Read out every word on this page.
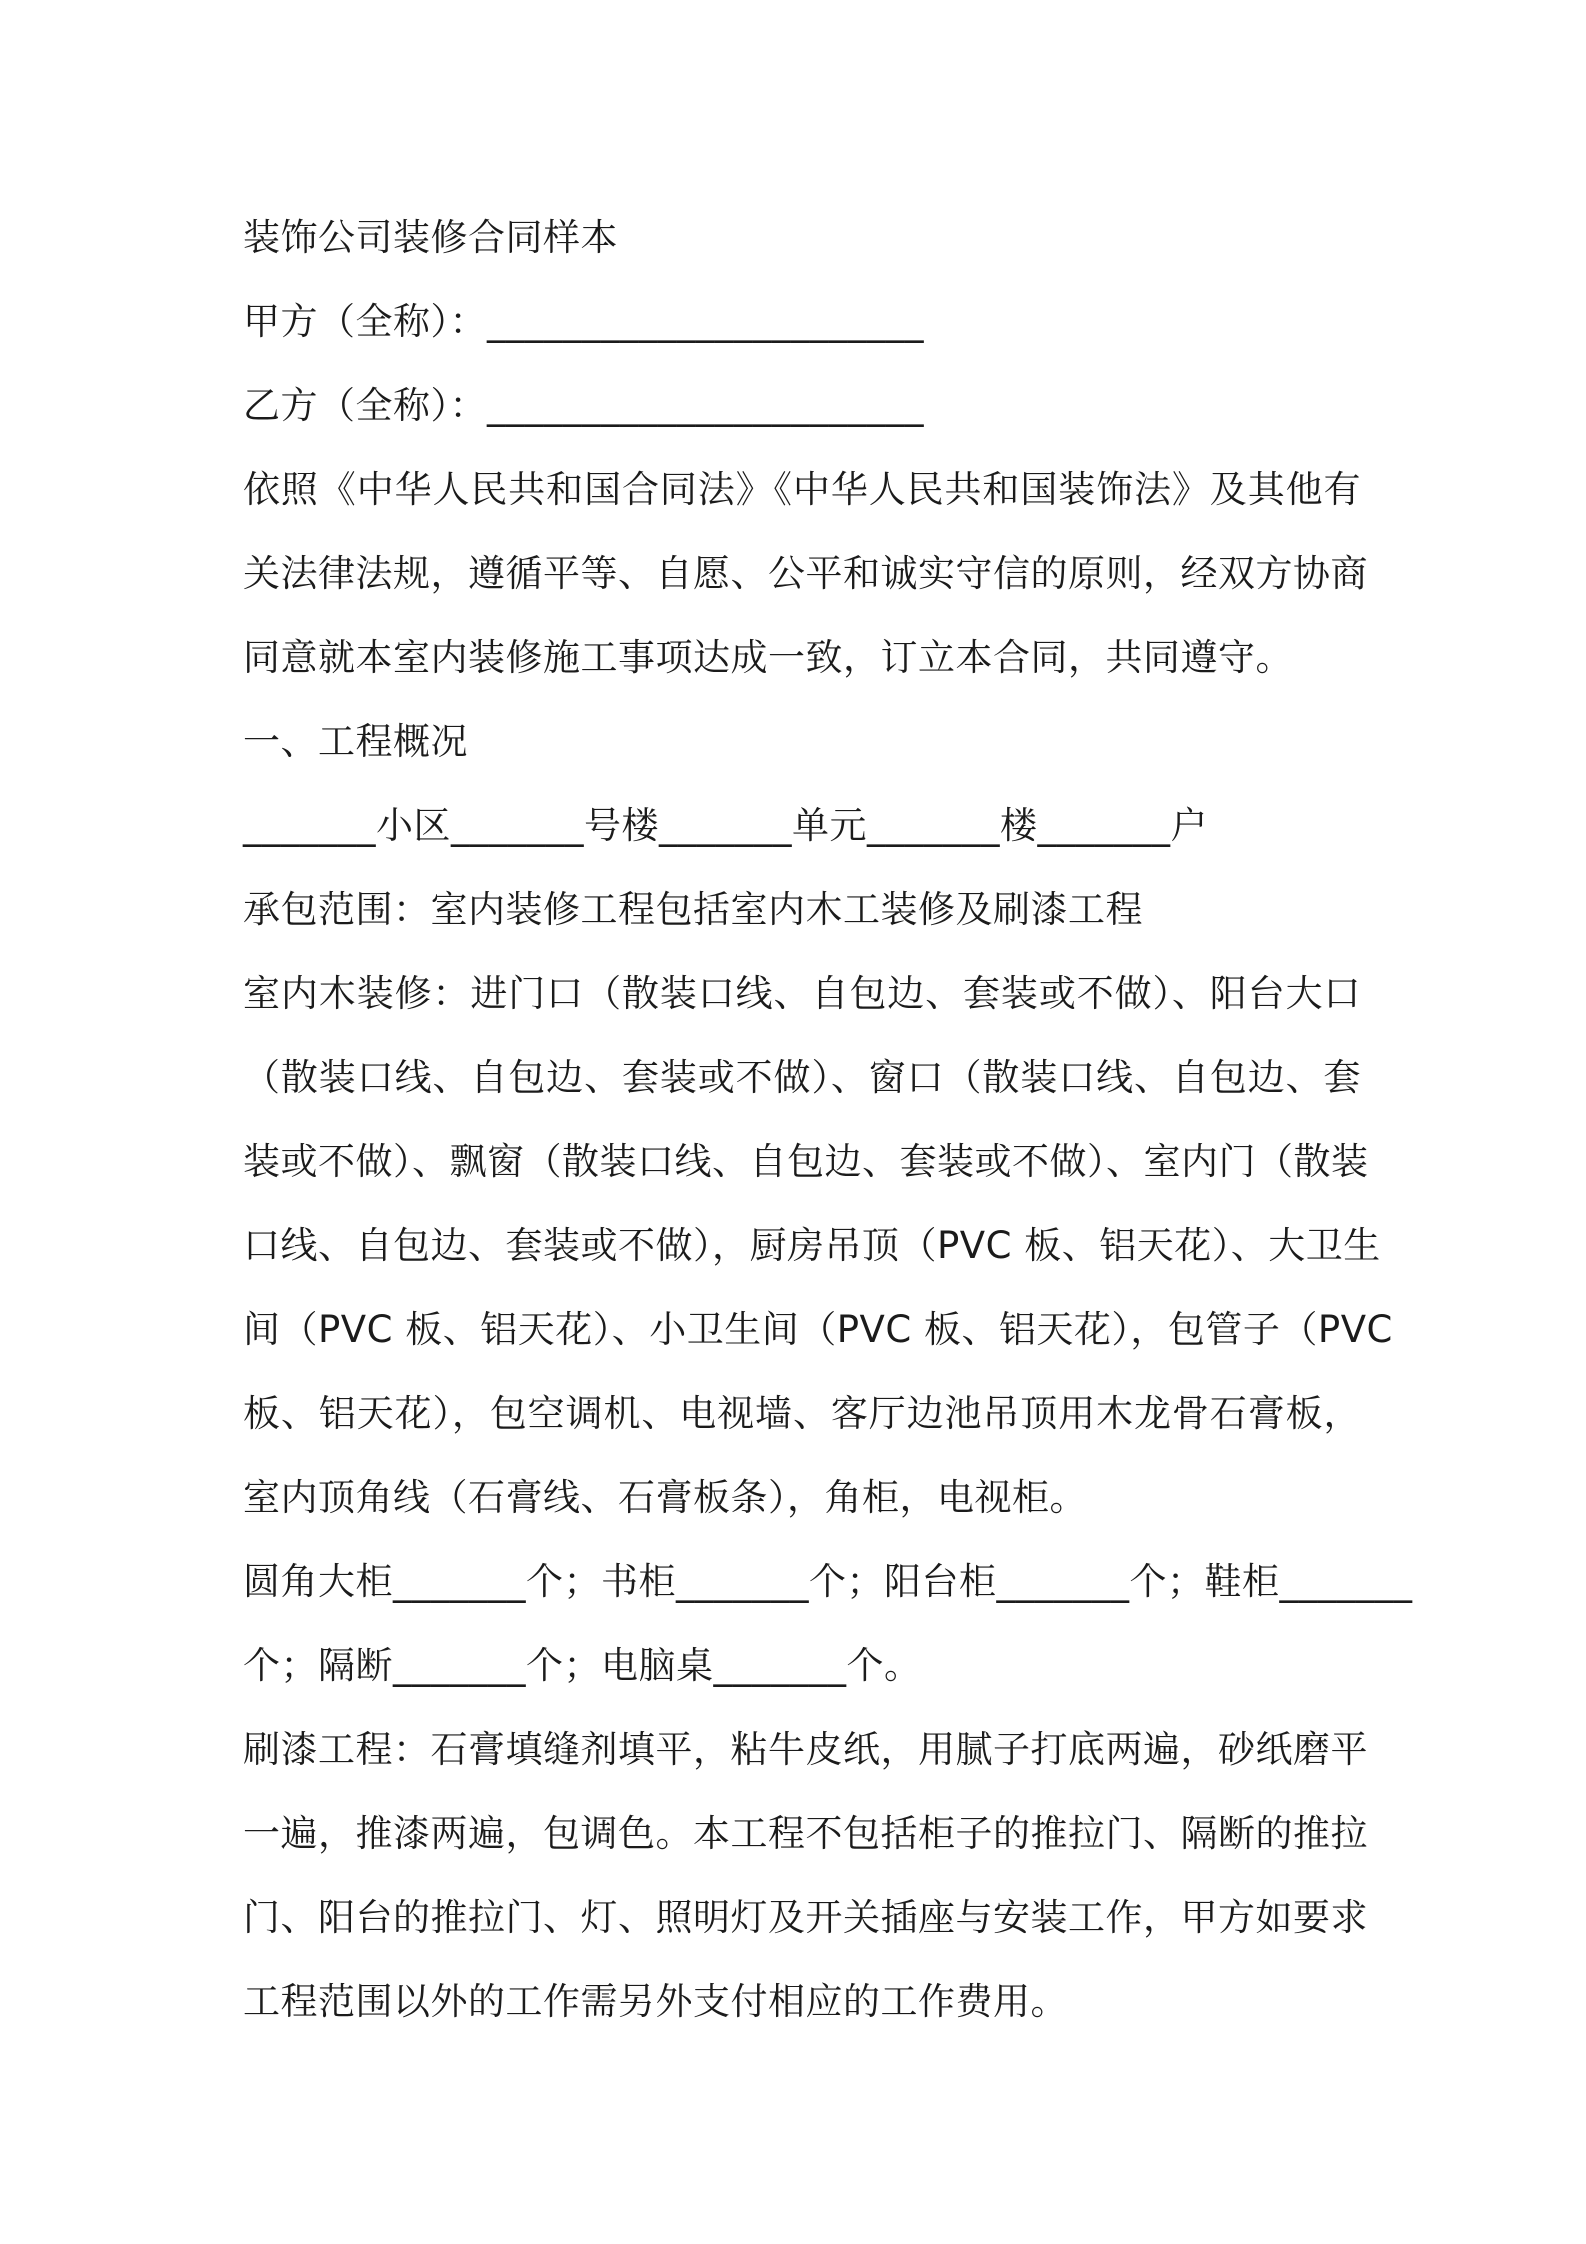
装饰公司装修合同样本
甲方（全称）：_______________________
乙方（全称）：_______________________
依照《中华人民共和国合同法》《中华人民共和国装饰法》及其他有
关法律法规，遵循平等、自愿、公平和诚实守信的原则，经双方协商
同意就本室内装修施工事项达成一致，订立本合同，共同遵守。
一、工程概况
_______小区_______号楼_______单元_______楼_______户
承包范围：室内装修工程包括室内木工装修及刷漆工程
室内木装修：进门口（散装口线、自包边、套装或不做）、阳台大口
（散装口线、自包边、套装或不做）、窗口（散装口线、自包边、套
装或不做）、飘窗（散装口线、自包边、套装或不做）、室内门（散装
口线、自包边、套装或不做），厨房吊顶（PVC 板、铝天花）、大卫生
间（PVC 板、铝天花）、小卫生间（PVC 板、铝天花），包管子（PVC
板、铝天花），包空调机、电视墙、客厅边池吊顶用木龙骨石膏板，
室内顶角线（石膏线、石膏板条），角柜，电视柜。
圆角大柜_______个；书柜_______个；阳台柜_______个；鞋柜_______
个；隔断_______个；电脑桌_______个。
刷漆工程：石膏填缝剂填平，粘牛皮纸，用腻子打底两遍，砂纸磨平
一遍，推漆两遍，包调色。本工程不包括柜子的推拉门、隔断的推拉
门、阳台的推拉门、灯、照明灯及开关插座与安装工作，甲方如要求
工程范围以外的工作需另外支付相应的工作费用。
